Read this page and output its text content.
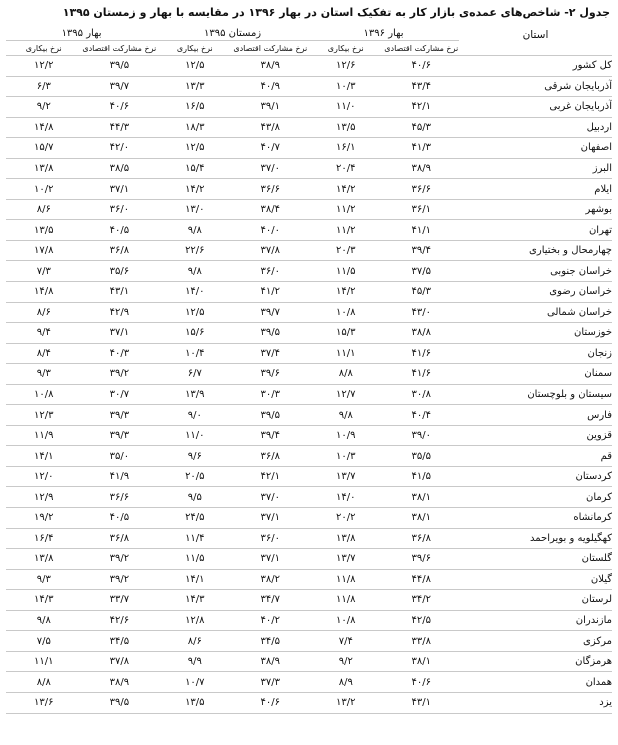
جدول ۲- شاخص‌های عمده‌ی بازار کار به تفکیک استان در بهار ۱۳۹۶ در مقایسه با بهار و زمستان ۱۳۹۵
استان	بهار ۱۳۹۶		زمستان ۱۳۹۵		بهار ۱۳۹۵	
	نرخ مشارکت اقتصادی	نرخ بیکاری	نرخ مشارکت اقتصادی	نرخ بیکاری	نرخ مشارکت اقتصادی	نرخ بیکاری
کل کشور	۴۰/۶	۱۲/۶	۳۸/۹	۱۲/۵	۳۹/۵	۱۲/۲
آذربایجان شرقی	۴۳/۴	۱۰/۳	۴۰/۹	۱۳/۳	۳۹/۷	۶/۳
آذربایجان غربی	۴۲/۱	۱۱/۰	۳۹/۱	۱۶/۵	۴۰/۶	۹/۲
اردبیل	۴۵/۳	۱۳/۵	۴۳/۸	۱۸/۳	۴۴/۳	۱۴/۸
اصفهان	۴۱/۳	۱۶/۱	۴۰/۷	۱۲/۵	۴۲/۰	۱۵/۷
البرز	۳۸/۹	۲۰/۴	۳۷/۰	۱۵/۴	۳۸/۵	۱۳/۸
ایلام	۳۶/۶	۱۴/۲	۳۶/۶	۱۴/۲	۳۷/۱	۱۰/۲
بوشهر	۳۶/۱	۱۱/۲	۳۸/۴	۱۳/۰	۳۶/۰	۸/۶
تهران	۴۱/۱	۱۱/۲	۴۰/۰	۹/۸	۴۰/۵	۱۳/۵
چهارمحال و بختیاری	۳۹/۴	۲۰/۳	۳۷/۸	۲۲/۶	۳۶/۸	۱۷/۸
خراسان جنوبی	۳۷/۵	۱۱/۵	۳۶/۰	۹/۸	۳۵/۶	۷/۳
خراسان رضوی	۴۵/۳	۱۴/۲	۴۱/۲	۱۴/۰	۴۳/۱	۱۴/۸
خراسان شمالی	۴۳/۰	۱۰/۸	۳۹/۷	۱۲/۵	۴۲/۹	۸/۶
خوزستان	۳۸/۸	۱۵/۳	۳۹/۵	۱۵/۶	۳۷/۱	۹/۴
زنجان	۴۱/۶	۱۱/۱	۳۷/۴	۱۰/۴	۴۰/۳	۸/۴
سمنان	۴۱/۶	۸/۸	۳۹/۶	۶/۷	۳۹/۲	۹/۳
سیستان و بلوچستان	۳۰/۸	۱۲/۷	۳۰/۳	۱۳/۹	۳۰/۷	۱۰/۸
فارس	۴۰/۴	۹/۸	۳۹/۵	۹/۰	۳۹/۳	۱۲/۳
قزوین	۳۹/۰	۱۰/۹	۳۹/۴	۱۱/۰	۳۹/۳	۱۱/۹
قم	۳۵/۵	۱۰/۳	۳۶/۸	۹/۶	۳۵/۰	۱۴/۱
کردستان	۴۱/۵	۱۳/۷	۴۲/۱	۲۰/۵	۴۱/۹	۱۲/۰
کرمان	۳۸/۱	۱۴/۰	۳۷/۰	۹/۵	۳۶/۶	۱۲/۹
کرمانشاه	۳۸/۱	۲۰/۲	۳۷/۱	۲۴/۵	۴۰/۵	۱۹/۲
کهگیلویه و بویراحمد	۳۶/۸	۱۳/۸	۳۶/۰	۱۱/۴	۳۶/۸	۱۶/۴
گلستان	۳۹/۶	۱۳/۷	۳۷/۱	۱۱/۵	۳۹/۲	۱۳/۸
گیلان	۴۴/۸	۱۱/۸	۳۸/۲	۱۴/۱	۳۹/۲	۹/۳
لرستان	۳۴/۲	۱۱/۸	۳۴/۷	۱۴/۳	۳۳/۷	۱۴/۳
مازندران	۴۲/۵	۱۰/۸	۴۰/۲	۱۲/۸	۴۲/۶	۹/۸
مرکزی	۳۳/۸	۷/۴	۳۴/۵	۸/۶	۳۴/۵	۷/۵
هرمزگان	۳۸/۱	۹/۲	۳۸/۹	۹/۹	۳۷/۸	۱۱/۱
همدان	۴۰/۶	۸/۹	۳۷/۳	۱۰/۷	۳۸/۹	۸/۸
یزد	۴۳/۱	۱۳/۲	۴۰/۶	۱۳/۵	۳۹/۵	۱۳/۶
